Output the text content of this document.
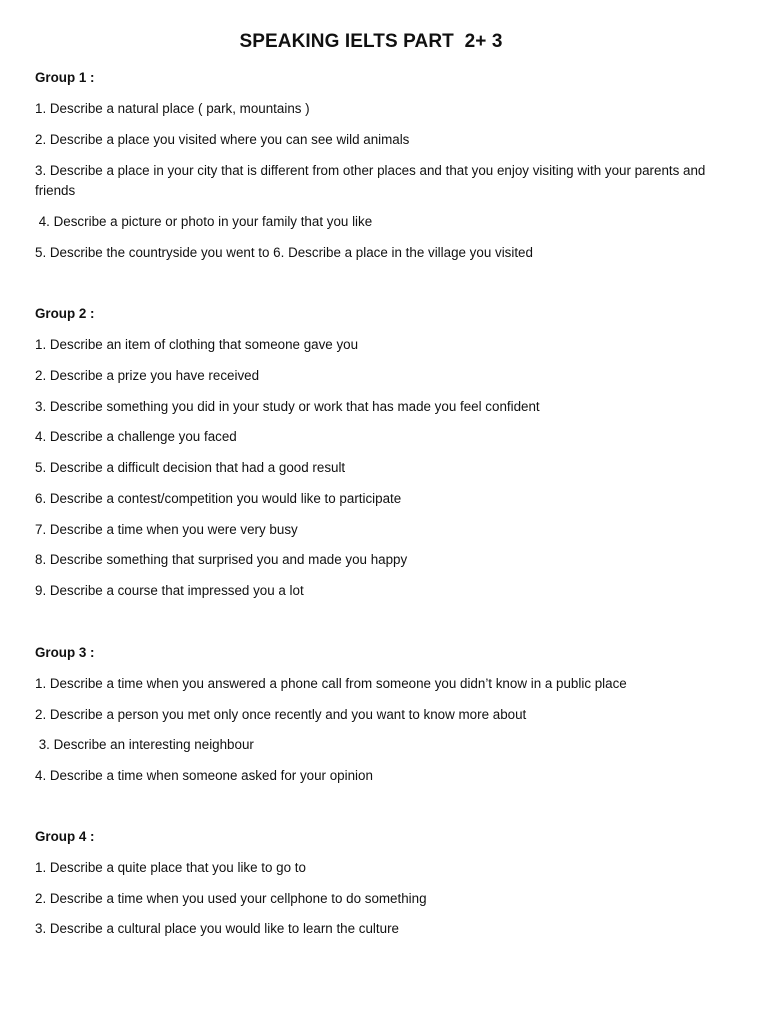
SPEAKING IELTS PART  2+ 3
Group 1 :
1. Describe a natural place ( park, mountains )
2. Describe a place you visited where you can see wild animals
3. Describe a place in your city that is different from other places and that you enjoy visiting with your parents and friends
4. Describe a picture or photo in your family that you like
5. Describe the countryside you went to 6. Describe a place in the village you visited
Group 2 :
1. Describe an item of clothing that someone gave you
2. Describe a prize you have received
3. Describe something you did in your study or work that has made you feel confident
4. Describe a challenge you faced
5. Describe a difficult decision that had a good result
6. Describe a contest/competition you would like to participate
7. Describe a time when you were very busy
8. Describe something that surprised you and made you happy
9. Describe a course that impressed you a lot
Group 3 :
1. Describe a time when you answered a phone call from someone you didn’t know in a public place
2. Describe a person you met only once recently and you want to know more about
3. Describe an interesting neighbour
4. Describe a time when someone asked for your opinion
Group 4 :
1. Describe a quite place that you like to go to
2. Describe a time when you used your cellphone to do something
3. Describe a cultural place you would like to learn the culture
